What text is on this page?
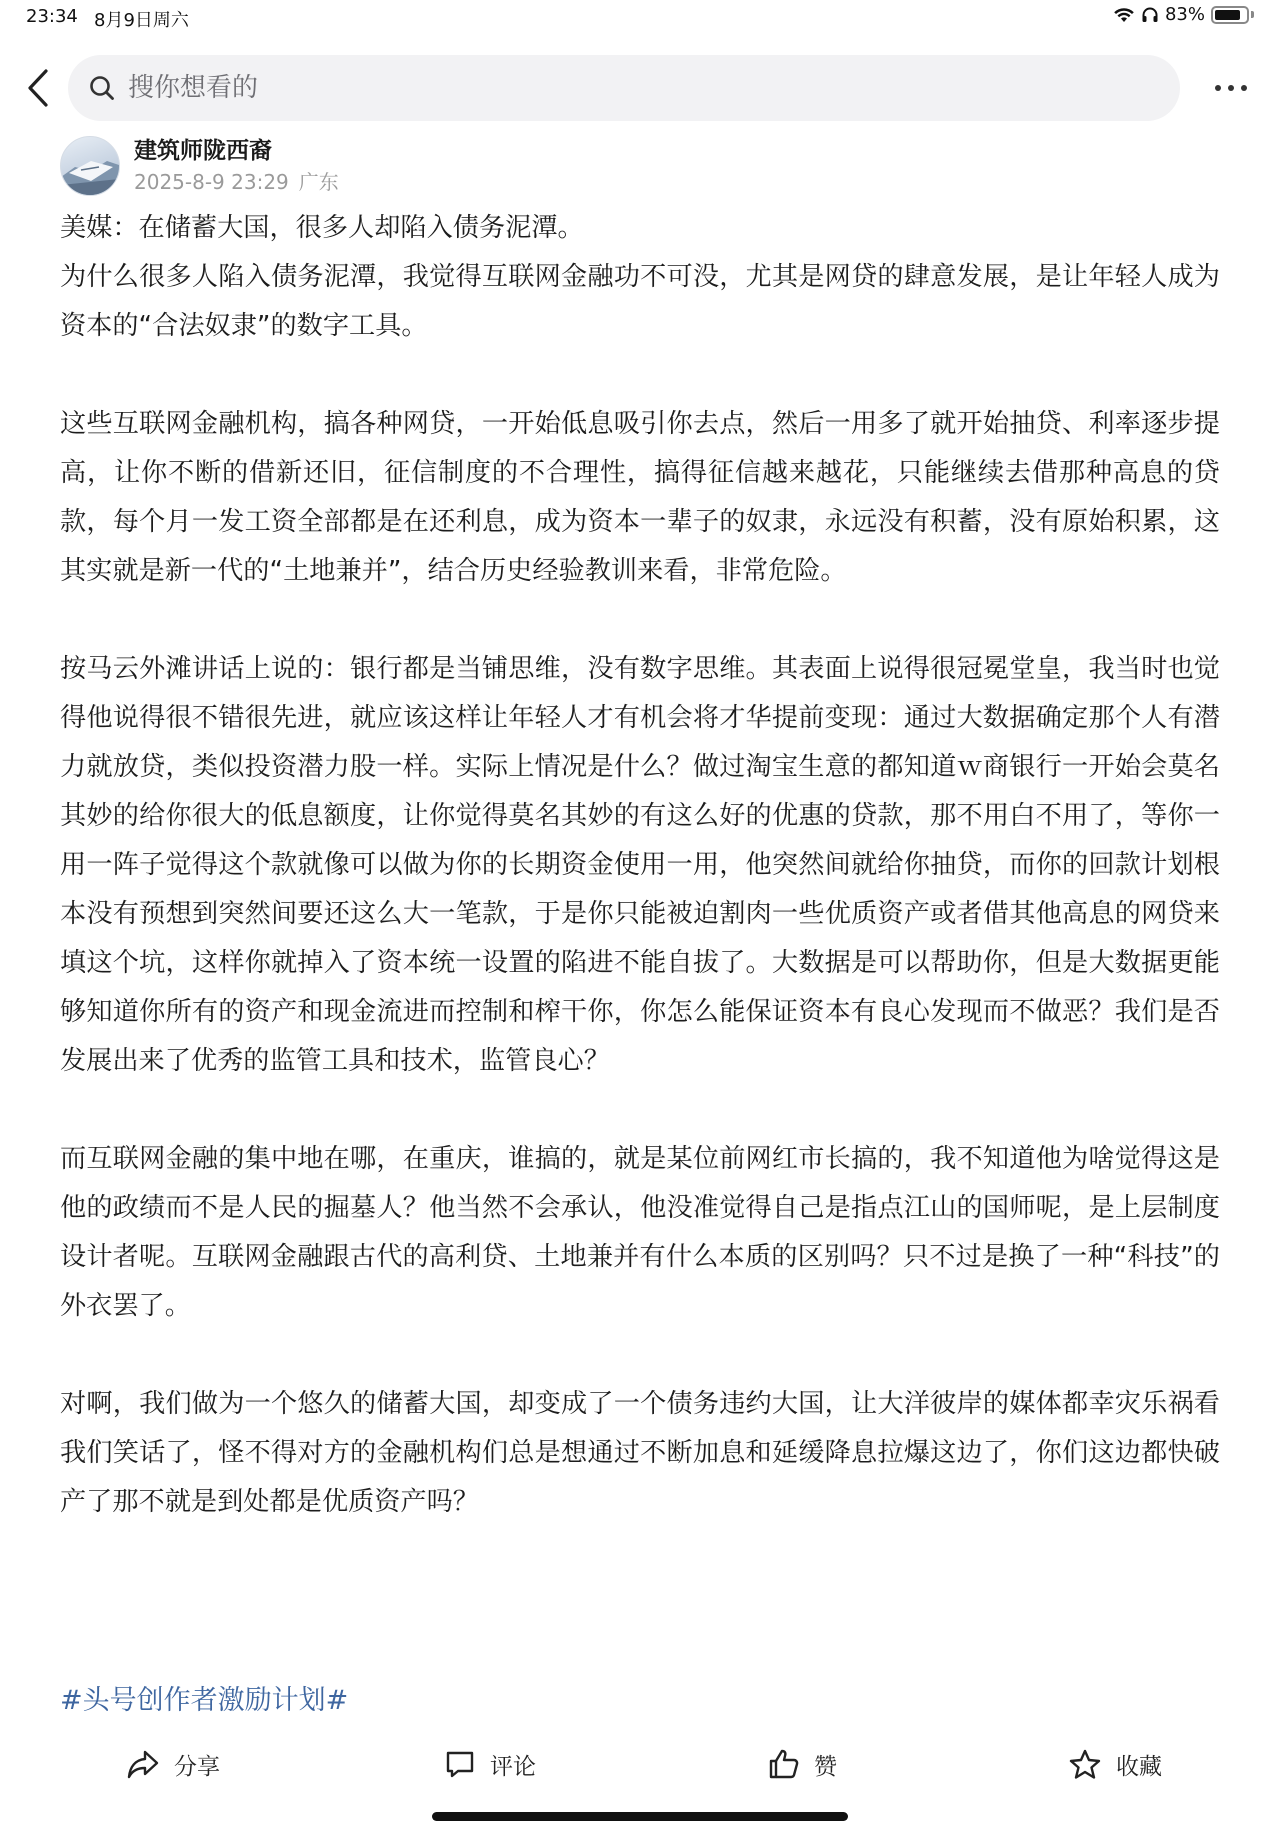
23:34 8月9日周六	83%
搜你想看的
建筑师陇西裔
2025-8-9 23:29 广东

美媒：在储蓄大国，很多人却陷入债务泥潭。

为什么很多人陷入债务泥潭，我觉得互联网金融功不可没，尤其是网贷的肆意发展，是让年轻人成为资本的“合法奴隶”的数字工具。

这些互联网金融机构，搞各种网贷，一开始低息吸引你去点，然后一用多了就开始抽贷、利率逐步提高，让你不断的借新还旧，征信制度的不合理性，搞得征信越来越花，只能继续去借那种高息的贷款，每个月一发工资全部都是在还利息，成为资本一辈子的奴隶，永远没有积蓄，没有原始积累，这其实就是新一代的“土地兼并”，结合历史经验教训来看，非常危险。

按马云外滩讲话上说的：银行都是当铺思维，没有数字思维。其表面上说得很冠冕堂皇，我当时也觉得他说得很不错很先进，就应该这样让年轻人才有机会将才华提前变现：通过大数据确定那个人有潜力就放贷，类似投资潜力股一样。实际上情况是什么？做过淘宝生意的都知道ｗ商银行一开始会莫名其妙的给你很大的低息额度，让你觉得莫名其妙的有这么好的优惠的贷款，那不用白不用了，等你一用一阵子觉得这个款就像可以做为你的长期资金使用一用，他突然间就给你抽贷，而你的回款计划根本没有预想到突然间要还这么大一笔款，于是你只能被迫割肉一些优质资产或者借其他高息的网贷来填这个坑，这样你就掉入了资本统一设置的陷进不能自拔了。大数据是可以帮助你，但是大数据更能够知道你所有的资产和现金流进而控制和榨干你，你怎么能保证资本有良心发现而不做恶？我们是否发展出来了优秀的监管工具和技术，监管良心？

而互联网金融的集中地在哪，在重庆，谁搞的，就是某位前网红市长搞的，我不知道他为啥觉得这是他的政绩而不是人民的掘墓人？他当然不会承认，他没准觉得自己是指点江山的国师呢，是上层制度设计者呢。互联网金融跟古代的高利贷、土地兼并有什么本质的区别吗？只不过是换了一种“科技”的外衣罢了。

对啊，我们做为一个悠久的储蓄大国，却变成了一个债务违约大国，让大洋彼岸的媒体都幸灾乐祸看我们笑话了，怪不得对方的金融机构们总是想通过不断加息和延缓降息拉爆这边了，你们这边都快破产了那不就是到处都是优质资产吗？

#头号创作者激励计划#
分享	评论	赞	收藏
